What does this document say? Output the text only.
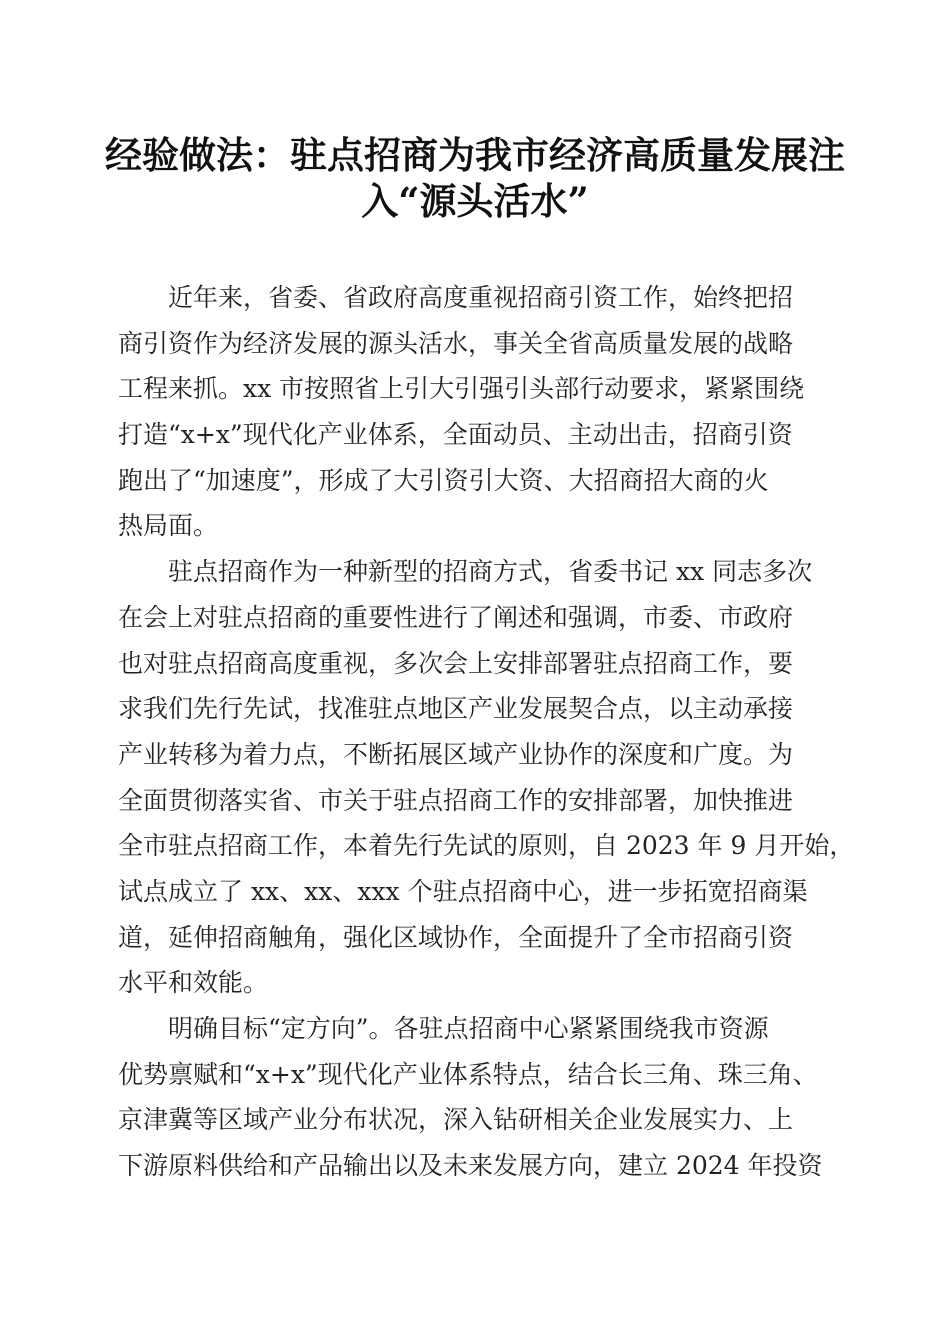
经验做法：驻点招商为我市经济高质量发展注
入“源头活水”
　　近年来，省委、省政府高度重视招商引资工作，始终把招
商引资作为经济发展的源头活水，事关全省高质量发展的战略
工程来抓。xx 市按照省上引大引强引头部行动要求，紧紧围绕
打造“x+x”现代化产业体系，全面动员、主动出击，招商引资
跑出了“加速度”，形成了大引资引大资、大招商招大商的火
热局面。
　　驻点招商作为一种新型的招商方式，省委书记 xx 同志多次
在会上对驻点招商的重要性进行了阐述和强调，市委、市政府
也对驻点招商高度重视，多次会上安排部署驻点招商工作，要
求我们先行先试，找准驻点地区产业发展契合点，以主动承接
产业转移为着力点，不断拓展区域产业协作的深度和广度。为
全面贯彻落实省、市关于驻点招商工作的安排部署，加快推进
全市驻点招商工作，本着先行先试的原则，自 2023 年 9 月开始，
试点成立了 xx、xx、xxx 个驻点招商中心，进一步拓宽招商渠
道，延伸招商触角，强化区域协作，全面提升了全市招商引资
水平和效能。
　　明确目标“定方向”。各驻点招商中心紧紧围绕我市资源
优势禀赋和“x+x”现代化产业体系特点，结合长三角、珠三角、
京津冀等区域产业分布状况，深入钻研相关企业发展实力、上
下游原料供给和产品输出以及未来发展方向，建立 2024 年投资
